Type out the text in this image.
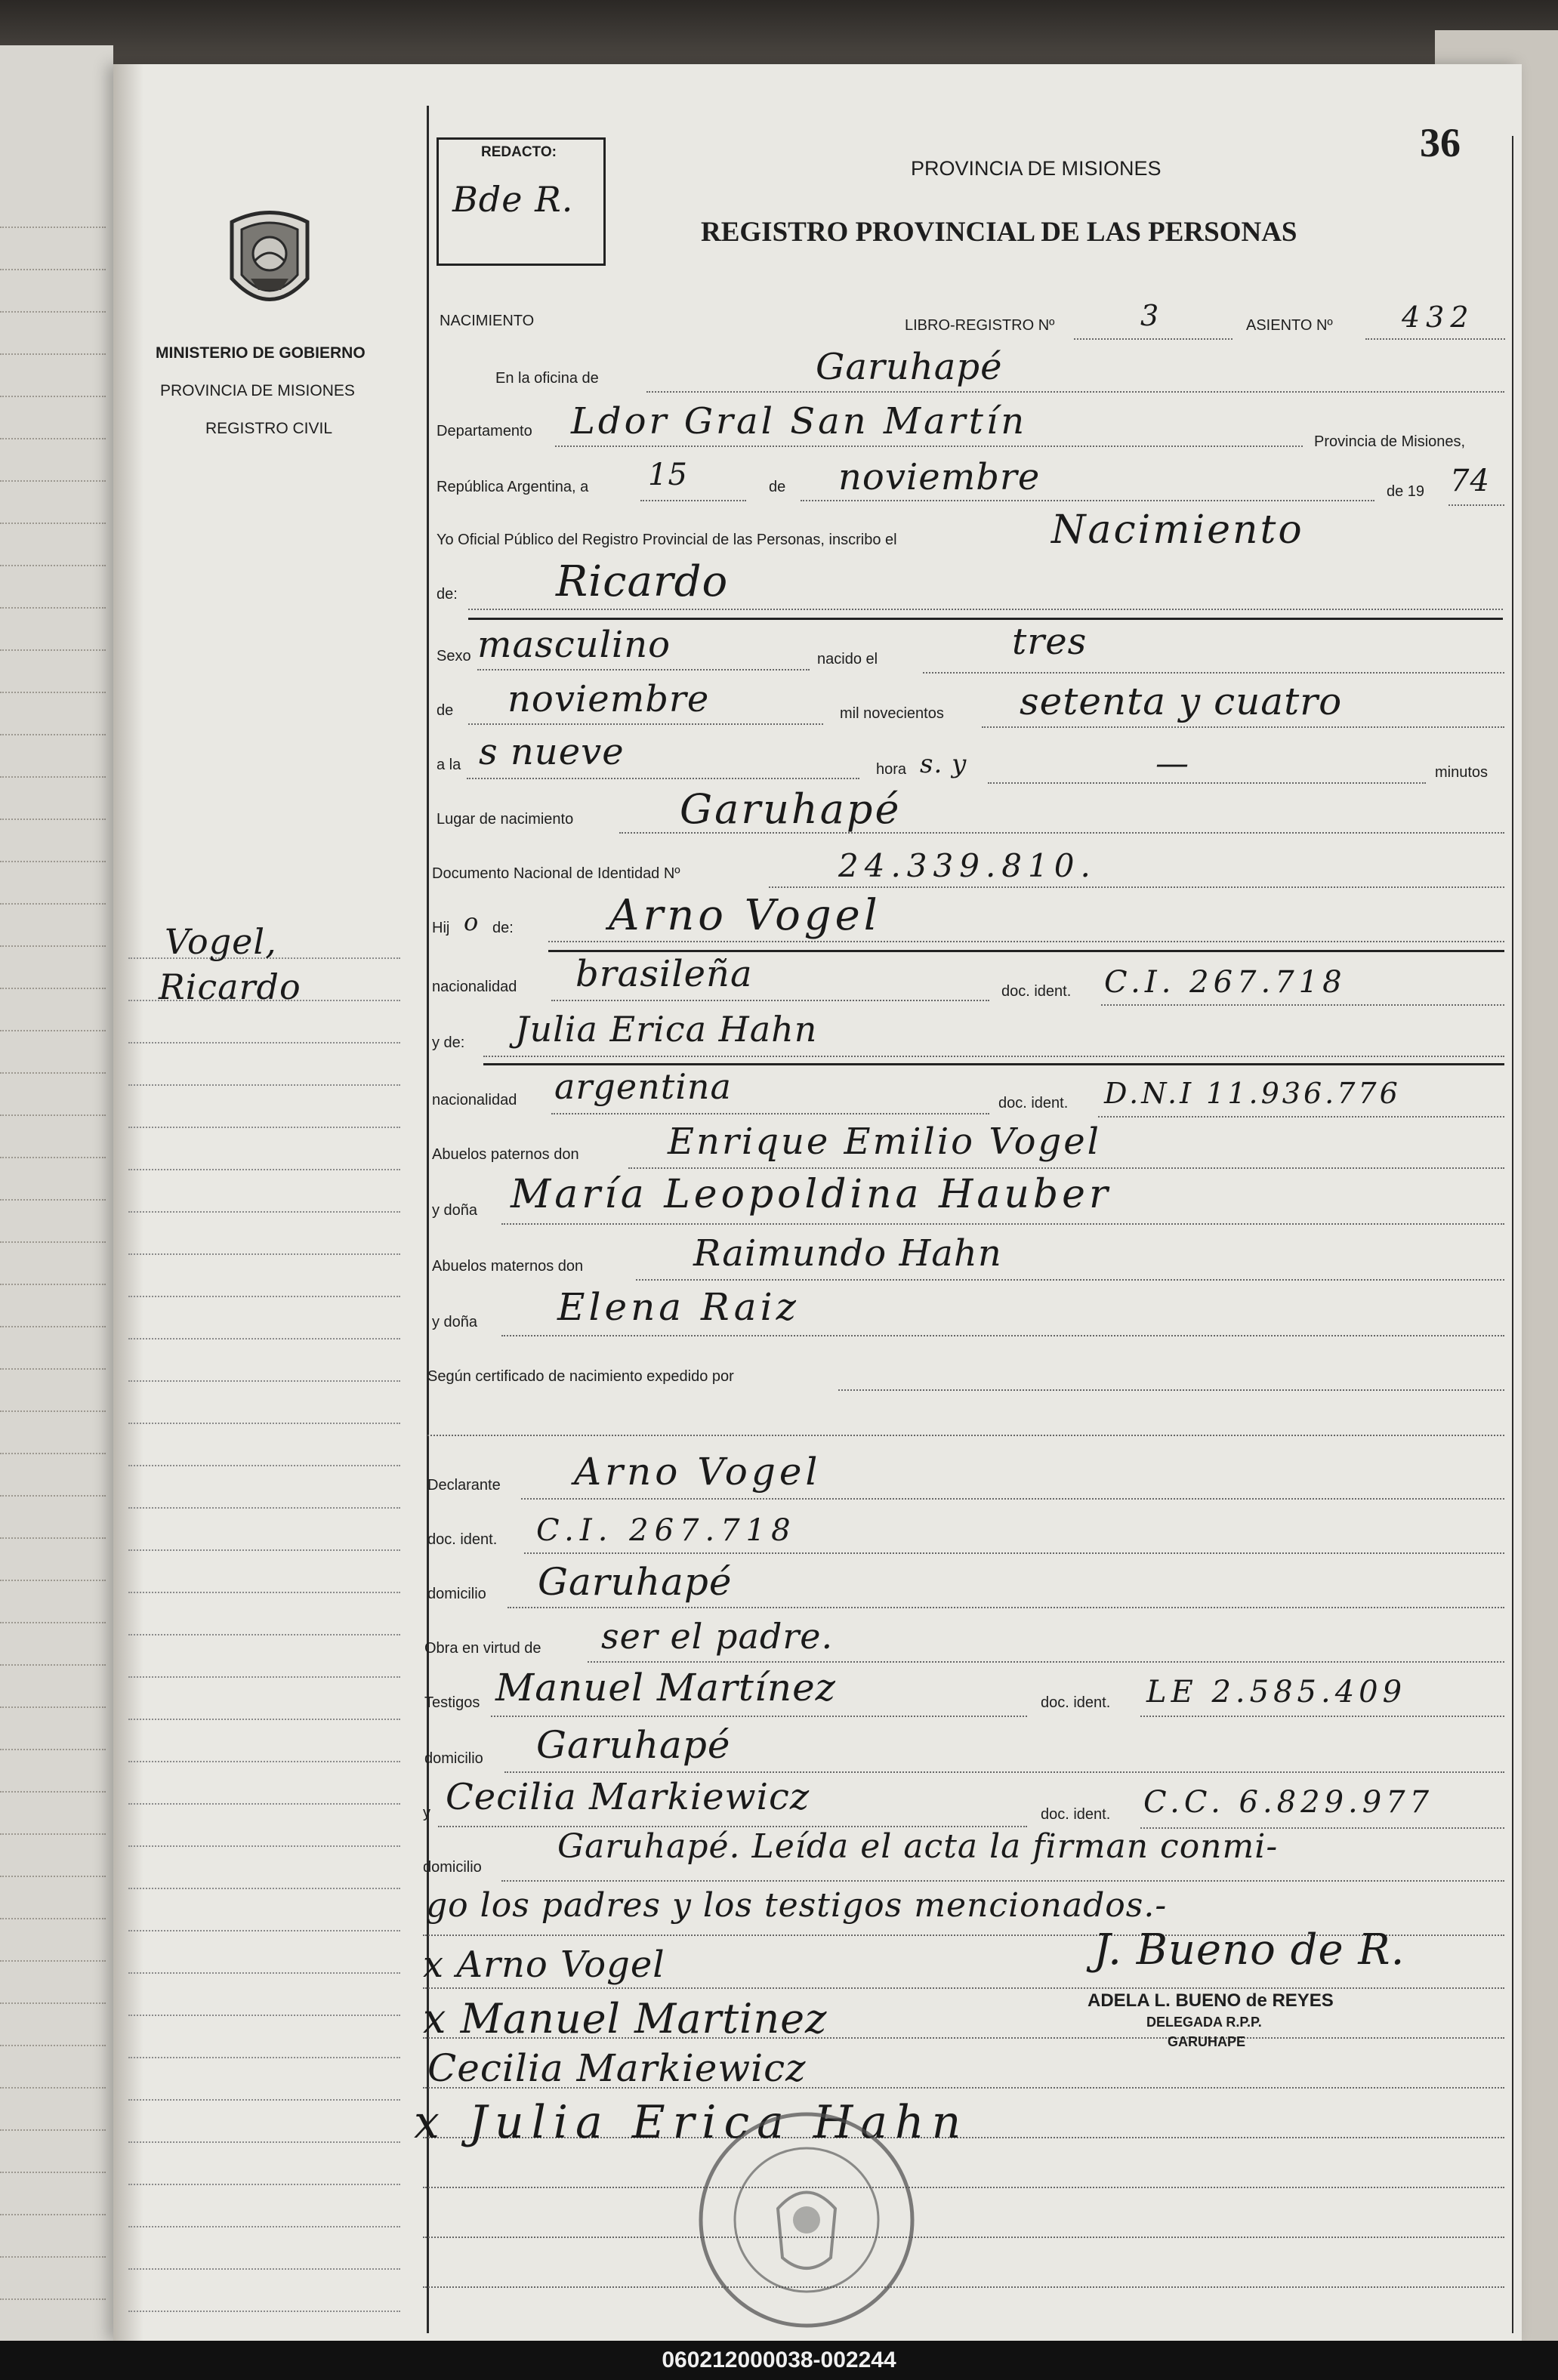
REDACTO:
Bde R.
36
PROVINCIA DE MISIONES
REGISTRO PROVINCIAL DE LAS PERSONAS
MINISTERIO DE GOBIERNO
PROVINCIA DE MISIONES
REGISTRO CIVIL
Vogel,
Ricardo
NACIMIENTO	LIBRO-REGISTRO Nº	3	ASIENTO Nº 432
En la oficina de	Garuhapé
Departamento Ldor Gral San Martín	Provincia de Misiones,
República Argentina, a 15	de noviembre	de 19 74
Yo Oficial Público del Registro Provincial de las Personas, inscribo el	Nacimiento
de: Ricardo
Sexo masculino	nacido el	tres
de noviembre	mil novecientos setenta y cuatro
a la s nueve	hora s. y	—	minutos
Lugar de nacimiento	Garuhapé
Documento Nacional de Identidad Nº	24.339.810.
Hij o de: Arno Vogel
nacionalidad brasileña	doc. ident. C.I. 267.718
y de: Julia Erica Hahn
nacionalidad argentina	doc. ident. D.N.I 11.936.776
Abuelos paternos don Enrique Emilio Vogel
y doña María Leopoldina Hauber
Abuelos maternos don	Raimundo Hahn
y doña Elena Raiz
Según certificado de nacimiento expedido por
Declarante Arno Vogel
doc. ident. C.I. 267.718
domicilio Garuhapé
Obra en virtud de ser el padre.
Testigos Manuel Martínez	doc. ident. LE 2.585.409
domicilio Garuhapé
y Cecilia Markiewicz	doc. ident. C.C. 6.829.977
domicilio
Garuhapé. Leída el acta la firman conmi-
go los padres y los testigos mencionados.-
x Arno Vogel
x Manuel Martinez
Cecilia Markiewicz
x Julia Erica Hahn
J. Bueno de R.
ADELA L. BUENO de REYES
DELEGADA R.P.P.
GARUHAPE
060212000038-002244
